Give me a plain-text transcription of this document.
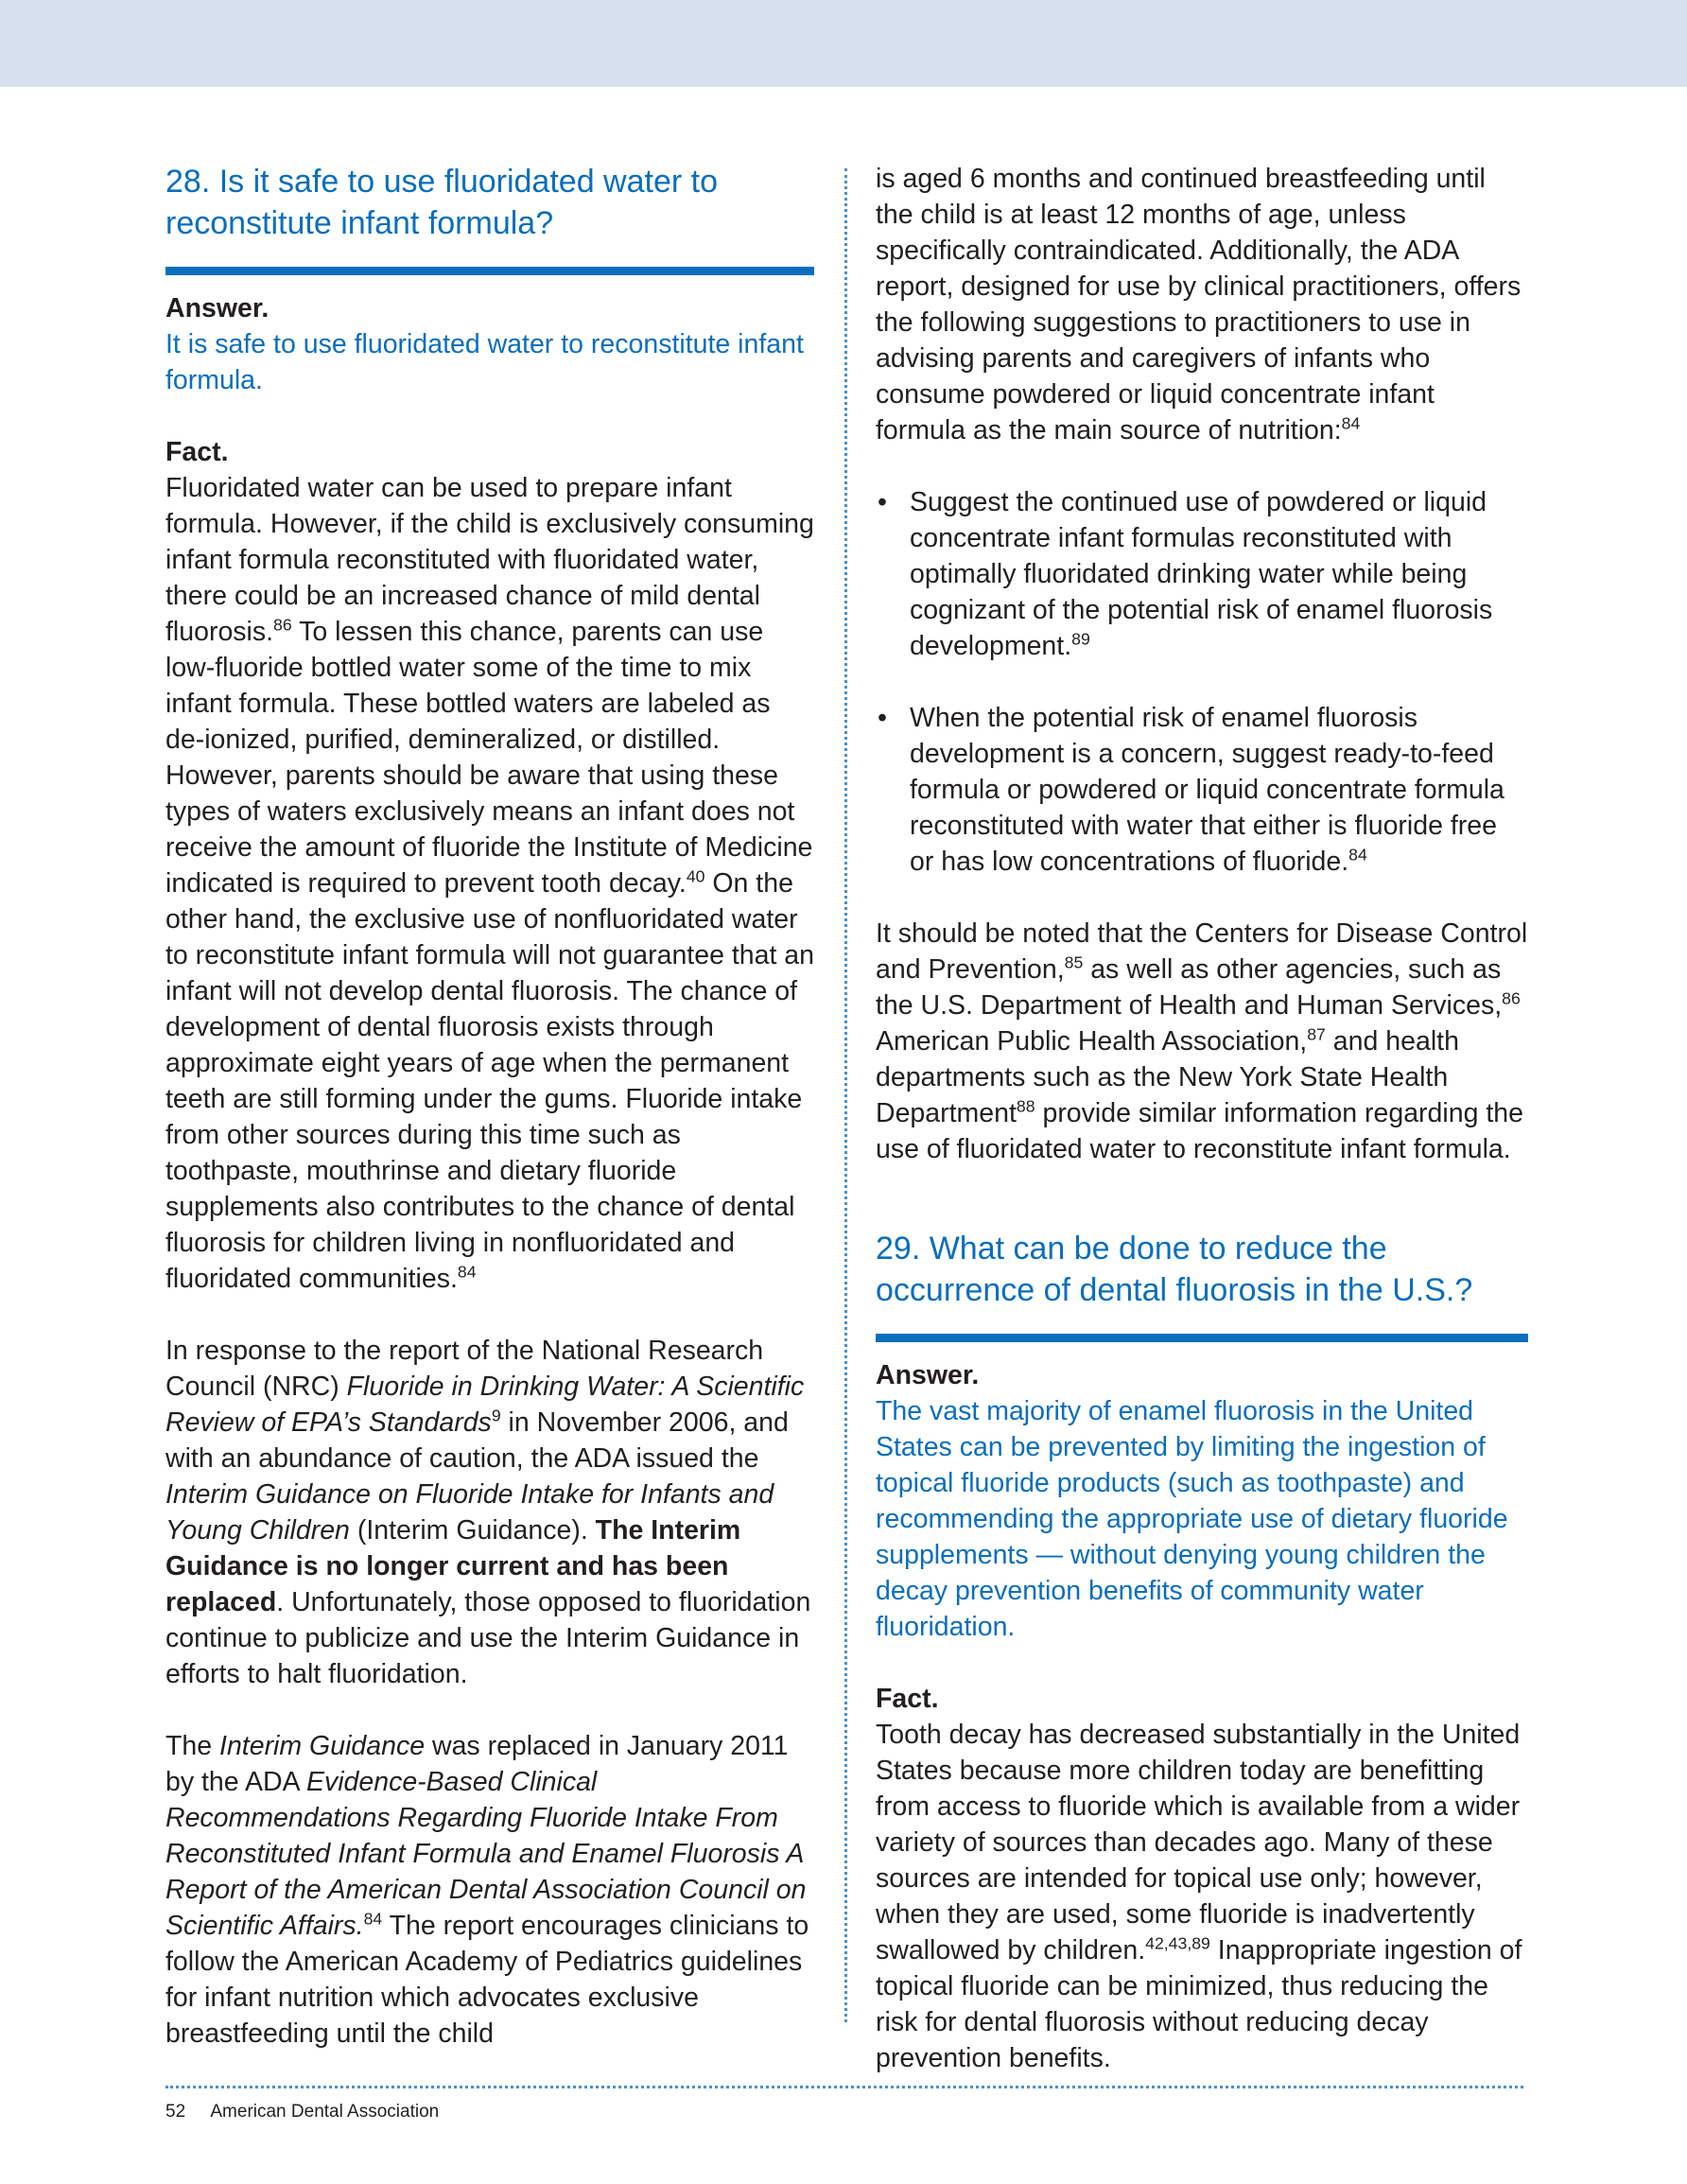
28. Is it safe to use fluoridated water to reconstitute infant formula?

Answer.

It is safe to use fluoridated water to reconstitute infant formula.

Fact.

Fluoridated water can be used to prepare infant formula. However, if the child is exclusively consuming infant formula reconstituted with fluoridated water, there could be an increased chance of mild dental fluorosis.$^{86}$ To lessen this chance, parents can use low-fluoride bottled water some of the time to mix infant formula. These bottled waters are labeled as de-ionized, purified, demineralized, or distilled. However, parents should be aware that using these types of waters exclusively means an infant does not receive the amount of fluoride the Institute of Medicine indicated is required to prevent tooth decay.$^{40}$ On the other hand, the exclusive use of nonfluoridated water to reconstitute infant formula will not guarantee that an infant will not develop dental fluorosis. The chance of development of dental fluorosis exists through approximate eight years of age when the permanent teeth are still forming under the gums. Fluoride intake from other sources during this time such as toothpaste, mouthrinse and dietary fluoride supplements also contributes to the chance of dental fluorosis for children living in nonfluoridated and fluoridated communities.$^{84}$

In response to the report of the National Research Council (NRC) Fluoride in Drinking Water: A Scientific Review of EPA’s Standards$^9$ in November 2006, and with an abundance of caution, the ADA issued the Interim Guidance on Fluoride Intake for Infants and Young Children (Interim Guidance). The Interim Guidance is no longer current and has been replaced. Unfortunately, those opposed to fluoridation continue to publicize and use the Interim Guidance in efforts to halt fluoridation.

The Interim Guidance was replaced in January 2011 by the ADA Evidence-Based Clinical Recommendations Regarding Fluoride Intake From Reconstituted Infant Formula and Enamel Fluorosis A Report of the American Dental Association Council on Scientific Affairs.$^{84}$ The report encourages clinicians to follow the American Academy of Pediatrics guidelines for infant nutrition which advocates exclusive breastfeeding until the child

is aged 6 months and continued breastfeeding until the child is at least 12 months of age, unless specifically contraindicated. Additionally, the ADA report, designed for use by clinical practitioners, offers the following suggestions to practitioners to use in advising parents and caregivers of infants who consume powdered or liquid concentrate infant formula as the main source of nutrition:$^{84}$

• Suggest the continued use of powdered or liquid concentrate infant formulas reconstituted with optimally fluoridated drinking water while being cognizant of the potential risk of enamel fluorosis development.$^{89}$
• When the potential risk of enamel fluorosis development is a concern, suggest ready-to-feed formula or powdered or liquid concentrate formula reconstituted with water that either is fluoride free or has low concentrations of fluoride.$^{84}$

It should be noted that the Centers for Disease Control and Prevention,$^{85}$ as well as other agencies, such as the U.S. Department of Health and Human Services,$^{86}$ American Public Health Association,$^{87}$ and health departments such as the New York State Health Department$^{88}$ provide similar information regarding the use of fluoridated water to reconstitute infant formula.

29. What can be done to reduce the occurrence of dental fluorosis in the U.S.?

Answer.

The vast majority of enamel fluorosis in the United States can be prevented by limiting the ingestion of topical fluoride products (such as toothpaste) and recommending the appropriate use of dietary fluoride supplements — without denying young children the decay prevention benefits of community water fluoridation.

Fact.

Tooth decay has decreased substantially in the United States because more children today are benefitting from access to fluoride which is available from a wider variety of sources than decades ago. Many of these sources are intended for topical use only; however, when they are used, some fluoride is inadvertently swallowed by children.$^{42,43,89}$ Inappropriate ingestion of topical fluoride can be minimized, thus reducing the risk for dental fluorosis without reducing decay prevention benefits.

52 American Dental Association
